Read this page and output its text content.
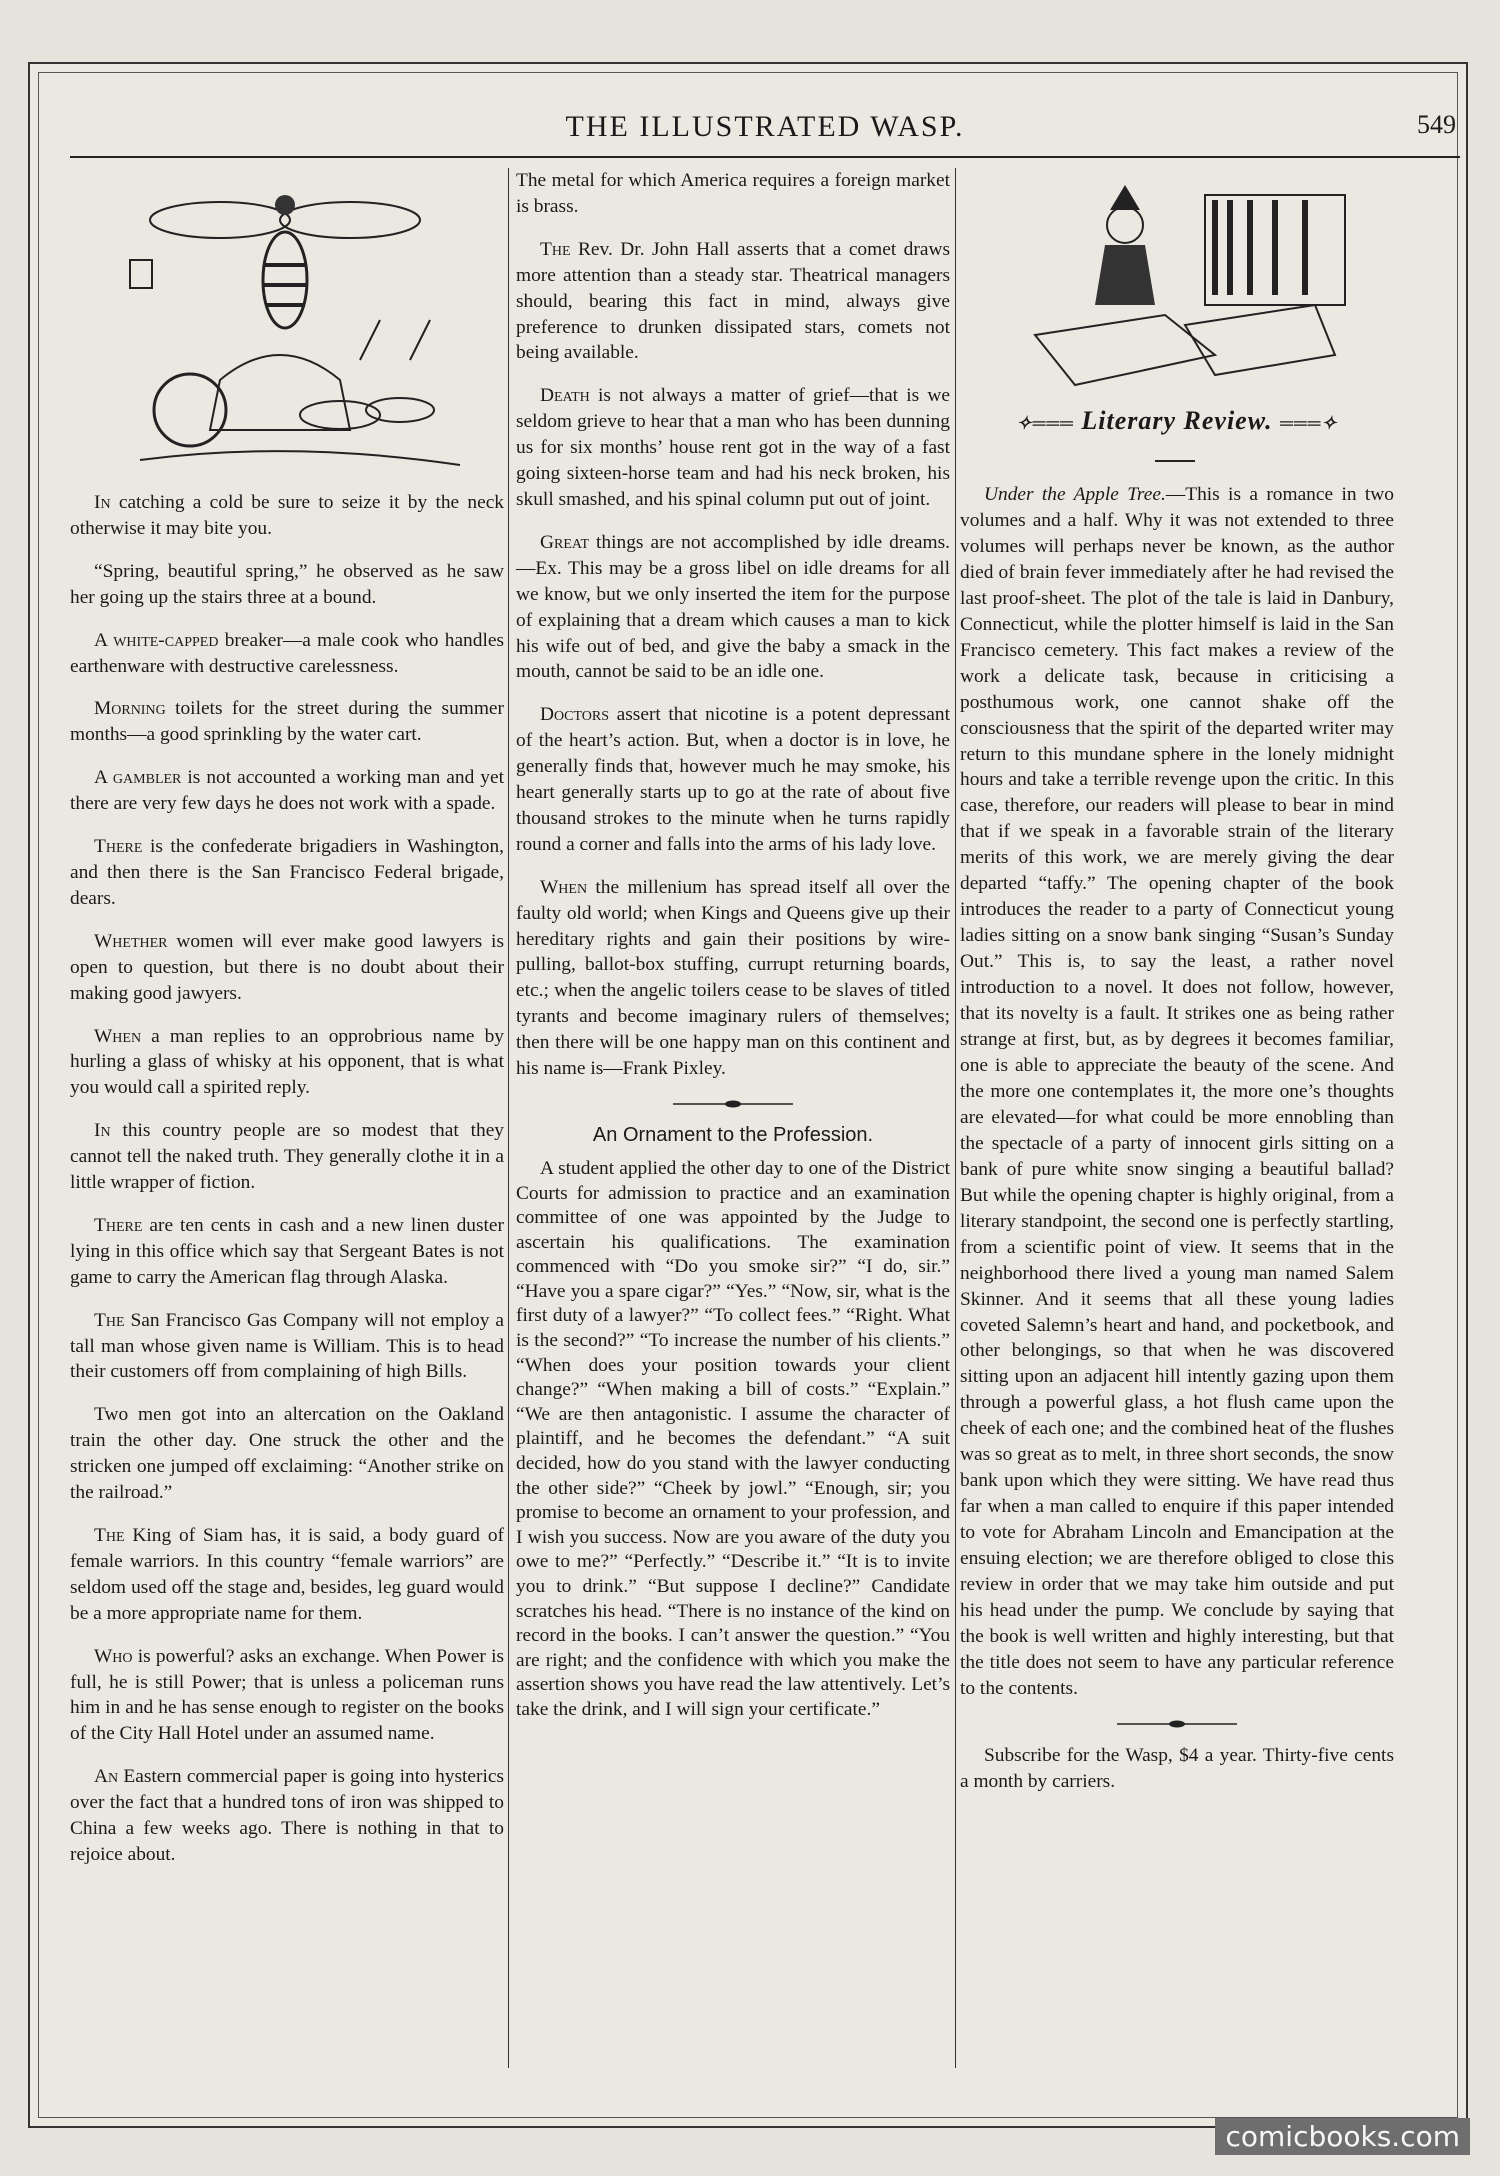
THE ILLUSTRATED WASP.	549
✧═══ Literary Review. ═══✧

In catching a cold be sure to seize it by the neck otherwise it may bite you.

“Spring, beautiful spring,” he observed as he saw her going up the stairs three at a bound.

A white-capped breaker—a male cook who handles earthenware with destructive carelessness.

Morning toilets for the street during the summer months—a good sprinkling by the water cart.

A gambler is not accounted a working man and yet there are very few days he does not work with a spade.

There is the confederate brigadiers in Washington, and then there is the San Francisco Federal brigade, dears.

Whether women will ever make good lawyers is open to question, but there is no doubt about their making good jawyers.

When a man replies to an opprobrious name by hurling a glass of whisky at his opponent, that is what you would call a spirited reply.

In this country people are so modest that they cannot tell the naked truth. They generally clothe it in a little wrapper of fiction.

There are ten cents in cash and a new linen duster lying in this office which say that Sergeant Bates is not game to carry the American flag through Alaska.

The San Francisco Gas Company will not employ a tall man whose given name is William. This is to head their customers off from complaining of high Bills.

Two men got into an altercation on the Oakland train the other day. One struck the other and the stricken one jumped off exclaiming: “Another strike on the railroad.”

The King of Siam has, it is said, a body guard of female warriors. In this country “female warriors” are seldom used off the stage and, besides, leg guard would be a more appropriate name for them.

Who is powerful? asks an exchange. When Power is full, he is still Power; that is unless a policeman runs him in and he has sense enough to register on the books of the City Hall Hotel under an assumed name.

An Eastern commercial paper is going into hysterics over the fact that a hundred tons of iron was shipped to China a few weeks ago. There is nothing in that to rejoice about.

The metal for which America requires a foreign market is brass.

The Rev. Dr. John Hall asserts that a comet draws more attention than a steady star. Theatrical managers should, bearing this fact in mind, always give preference to drunken dissipated stars, comets not being available.

Death is not always a matter of grief—that is we seldom grieve to hear that a man who has been dunning us for six months’ house rent got in the way of a fast going sixteen-horse team and had his neck broken, his skull smashed, and his spinal column put out of joint.

Great things are not accomplished by idle dreams.—Ex. This may be a gross libel on idle dreams for all we know, but we only inserted the item for the purpose of explaining that a dream which causes a man to kick his wife out of bed, and give the baby a smack in the mouth, cannot be said to be an idle one.

Doctors assert that nicotine is a potent depressant of the heart’s action. But, when a doctor is in love, he generally finds that, however much he may smoke, his heart generally starts up to go at the rate of about five thousand strokes to the minute when he turns rapidly round a corner and falls into the arms of his lady love.

When the millenium has spread itself all over the faulty old world; when Kings and Queens give up their hereditary rights and gain their positions by wire-pulling, ballot-box stuffing, currupt returning boards, etc.; when the angelic toilers cease to be slaves of titled tyrants and become imaginary rulers of themselves; then there will be one happy man on this continent and his name is—Frank Pixley.

An Ornament to the Profession.

A student applied the other day to one of the District Courts for admission to practice and an examination committee of one was appointed by the Judge to ascertain his qualifications. The examination commenced with “Do you smoke sir?” “I do, sir.” “Have you a spare cigar?” “Yes.” “Now, sir, what is the first duty of a lawyer?” “To collect fees.” “Right. What is the second?” “To increase the number of his clients.” “When does your position towards your client change?” “When making a bill of costs.” “Explain.” “We are then antagonistic. I assume the character of plaintiff, and he becomes the defendant.” “A suit decided, how do you stand with the lawyer conducting the other side?” “Cheek by jowl.” “Enough, sir; you promise to become an ornament to your profession, and I wish you success. Now are you aware of the duty you owe to me?” “Perfectly.” “Describe it.” “It is to invite you to drink.” “But suppose I decline?” Candidate scratches his head. “There is no instance of the kind on record in the books. I can’t answer the question.” “You are right; and the confidence with which you make the assertion shows you have read the law attentively. Let’s take the drink, and I will sign your certificate.”

Under the Apple Tree.—This is a romance in two volumes and a half. Why it was not extended to three volumes will perhaps never be known, as the author died of brain fever immediately after he had revised the last proof-sheet. The plot of the tale is laid in Danbury, Connecticut, while the plotter himself is laid in the San Francisco cemetery. This fact makes a review of the work a delicate task, because in criticising a posthumous work, one cannot shake off the consciousness that the spirit of the departed writer may return to this mundane sphere in the lonely midnight hours and take a terrible revenge upon the critic. In this case, therefore, our readers will please to bear in mind that if we speak in a favorable strain of the literary merits of this work, we are merely giving the dear departed “taffy.” The opening chapter of the book introduces the reader to a party of Connecticut young ladies sitting on a snow bank singing “Susan’s Sunday Out.” This is, to say the least, a rather novel introduction to a novel. It does not follow, however, that its novelty is a fault. It strikes one as being rather strange at first, but, as by degrees it becomes familiar, one is able to appreciate the beauty of the scene. And the more one contemplates it, the more one’s thoughts are elevated—for what could be more ennobling than the spectacle of a party of innocent girls sitting on a bank of pure white snow singing a beautiful ballad? But while the opening chapter is highly original, from a literary standpoint, the second one is perfectly startling, from a scientific point of view. It seems that in the neighborhood there lived a young man named Salem Skinner. And it seems that all these young ladies coveted Salemn’s heart and hand, and pocketbook, and other belongings, so that when he was discovered sitting upon an adjacent hill intently gazing upon them through a powerful glass, a hot flush came upon the cheek of each one; and the combined heat of the flushes was so great as to melt, in three short seconds, the snow bank upon which they were sitting. We have read thus far when a man called to enquire if this paper intended to vote for Abraham Lincoln and Emancipation at the ensuing election; we are therefore obliged to close this review in order that we may take him outside and put his head under the pump. We conclude by saying that the book is well written and highly interesting, but that the title does not seem to have any particular reference to the contents.

Subscribe for the Wasp, $4 a year. Thirty-five cents a month by carriers.

comicbooks.com
